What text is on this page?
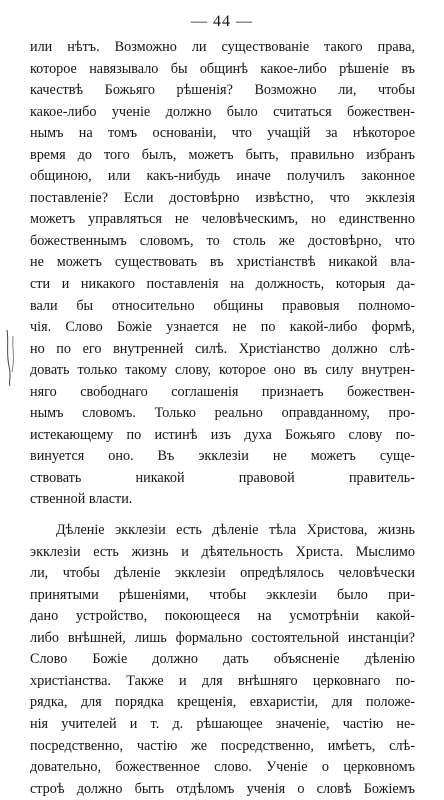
— 44 —
или нѣтъ. Возможно ли существованіе такого права,
которое навязывало бы общинѣ какое-либо рѣшеніе въ
качествѣ Божьяго рѣшенія? Возможно ли, чтобы
какое-либо ученіе должно было считаться божествен-
нымъ на томъ основаніи, что учащій за нѣкоторое
время до того былъ, можетъ быть, правильно избранъ
общиною, или какъ-нибудь иначе получилъ законное
поставленіе? Если достовѣрно извѣстно, что экклезія
можетъ управляться не человѣческимъ, но единственно
божественнымъ словомъ, то столь же достовѣрно, что
не можетъ существовать въ христіанствѣ никакой вла-
сти и никакого поставленія на должность, которыя да-
вали бы относительно общины правовыя полномо-
чія. Слово Божіе узнается не по какой-либо формѣ,
но по его внутренней силѣ. Христіанство должно слѣ-
довать только такому слову, которое оно въ силу внутрен-
няго свободнаго соглашенія признаетъ божествен-
нымъ словомъ. Только реально оправданному, про-
истекающему по истинѣ изъ духа Божьяго слову по-
винуется оно. Въ экклезіи не можетъ суще-
ствовать никакой правовой правитель-
ственной власти.
Дѣленіе экклезіи есть дѣленіе тѣла Христова, жизнь
экклезіи есть жизнь и дѣятельность Христа. Мыслимо
ли, чтобы дѣленіе экклезіи опредѣлялось человѣчески
принятыми рѣшеніями, чтобы экклезіи было при-
дано устройство, покоющееся на усмотрѣніи какой-
либо внѣшней, лишь формально состоятельной инстанціи?
Слово Божіе должно дать объясненіе дѣленію
христіанства. Также и для внѣшняго церковнаго по-
рядка, для порядка крещенія, евхаристіи, для положе-
нія учителей и т. д. рѣшающее значеніе, частію не-
посредственно, частію же посредственно, имѣетъ, слѣ-
довательно, божественное слово. Ученіе о церковномъ
строѣ должно быть отдѣломъ ученія о словѣ Божіемъ
